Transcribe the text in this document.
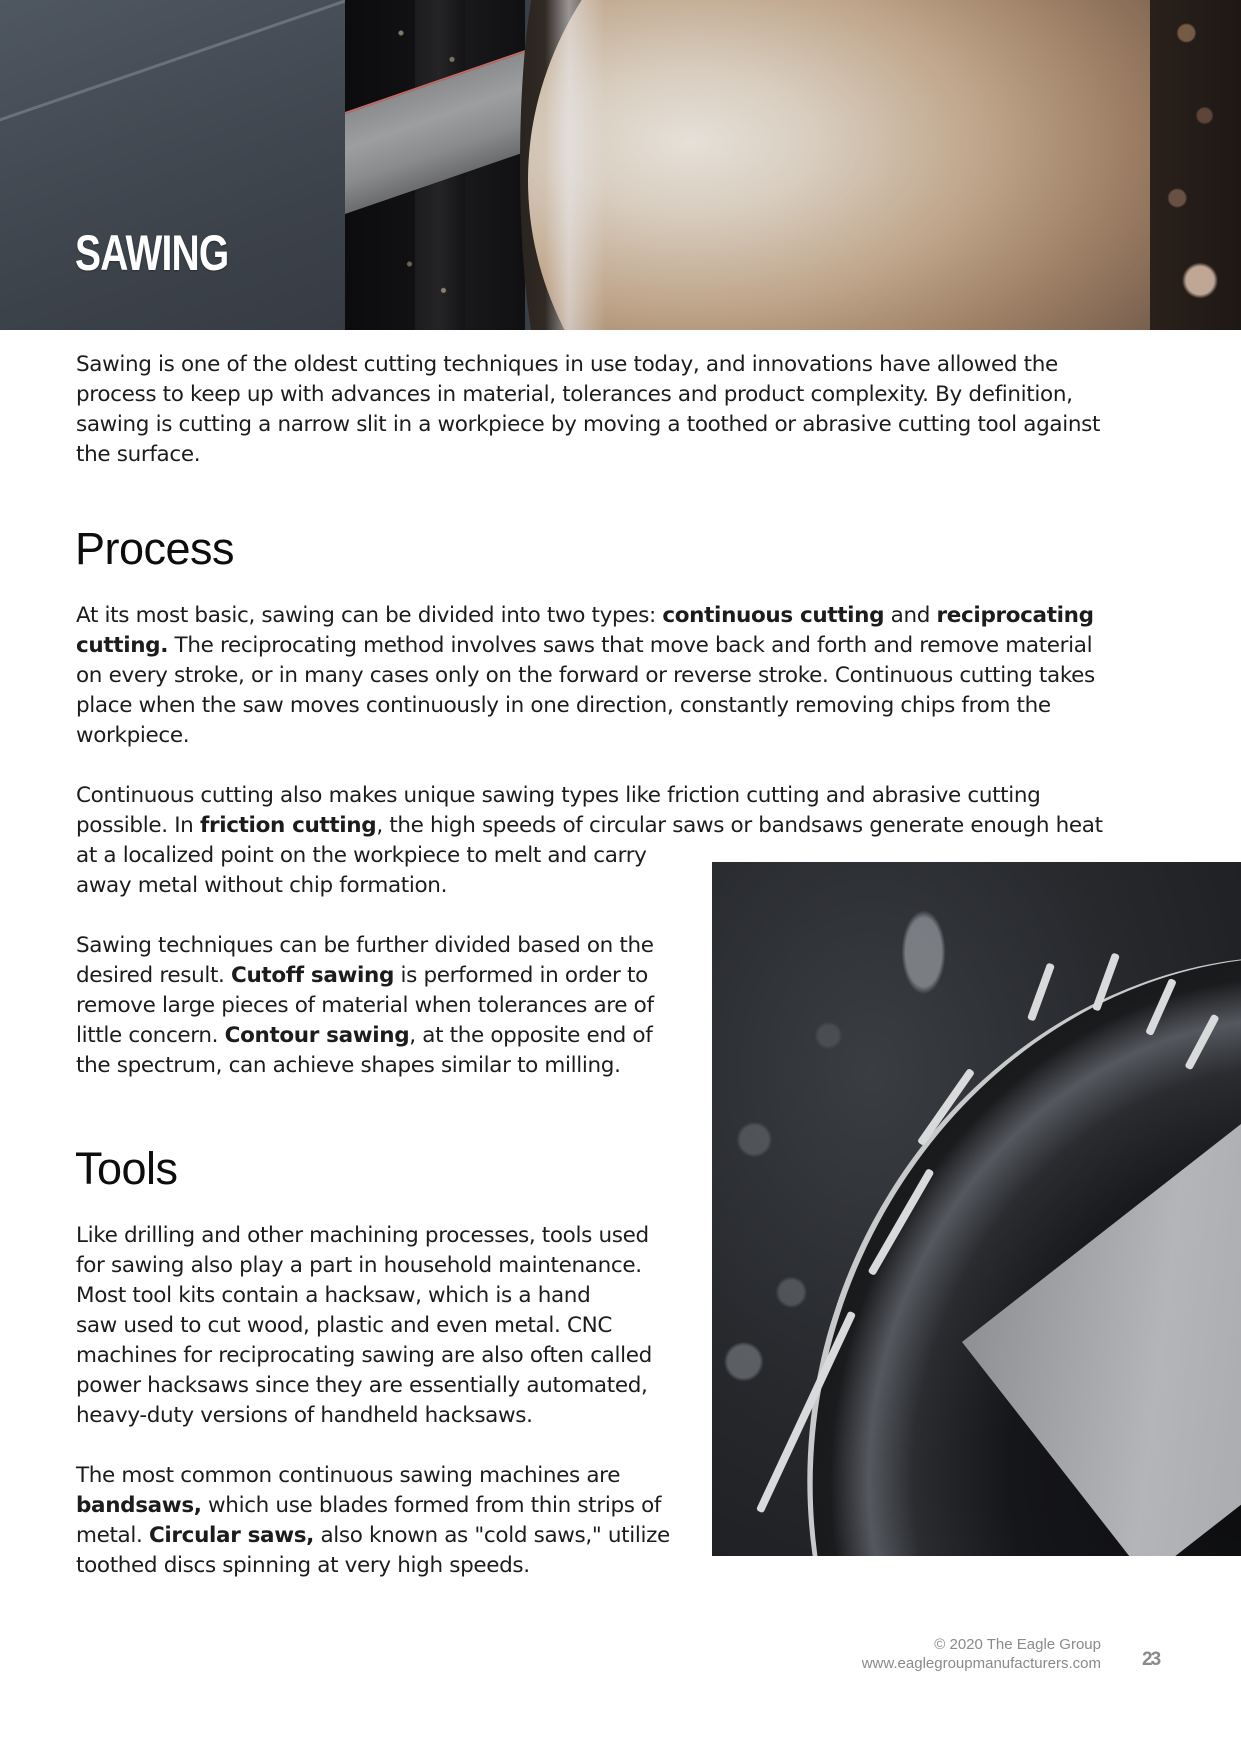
SAWING

Sawing is one of the oldest cutting techniques in use today, and innovations have allowed the
process to keep up with advances in material, tolerances and product complexity. By definition,
sawing is cutting a narrow slit in a workpiece by moving a toothed or abrasive cutting tool against
the surface.

Process

At its most basic, sawing can be divided into two types: continuous cutting and reciprocating
cutting. The reciprocating method involves saws that move back and forth and remove material
on every stroke, or in many cases only on the forward or reverse stroke. Continuous cutting takes
place when the saw moves continuously in one direction, constantly removing chips from the
workpiece.

Continuous cutting also makes unique sawing types like friction cutting and abrasive cutting
possible. In friction cutting, the high speeds of circular saws or bandsaws generate enough heat
at a localized point on the workpiece to melt and carry
away metal without chip formation.

Sawing techniques can be further divided based on the
desired result. Cutoff sawing is performed in order to
remove large pieces of material when tolerances are of
little concern. Contour sawing, at the opposite end of
the spectrum, can achieve shapes similar to milling.

Tools

Like drilling and other machining processes, tools used
for sawing also play a part in household maintenance.
Most tool kits contain a hacksaw, which is a hand
saw used to cut wood, plastic and even metal. CNC
machines for reciprocating sawing are also often called
power hacksaws since they are essentially automated,
heavy-duty versions of handheld hacksaws.

The most common continuous sawing machines are
bandsaws, which use blades formed from thin strips of
metal. Circular saws, also known as "cold saws," utilize
toothed discs spinning at very high speeds.

© 2020 The Eagle Group
www.eaglegroupmanufacturers.com 23
